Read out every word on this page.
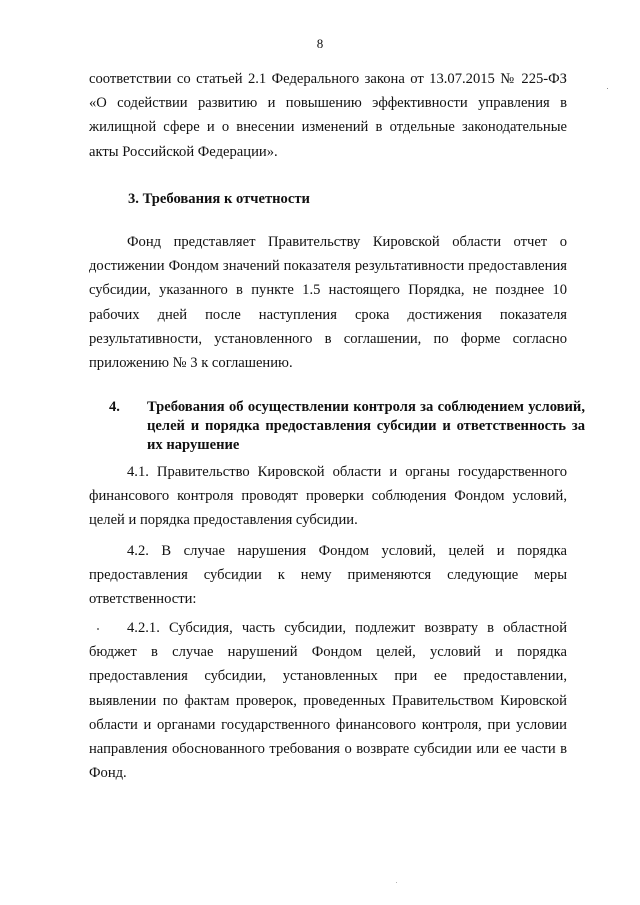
8
соответствии со статьей 2.1 Федерального закона от 13.07.2015 № 225-ФЗ «О содействии развитию и повышению эффективности управления в жилищной сфере и о внесении изменений в отдельные законодательные акты Российской Федерации».
3. Требования к отчетности
Фонд представляет Правительству Кировской области отчет о достижении Фондом значений показателя результативности предоставления субсидии, указанного в пункте 1.5 настоящего Порядка, не позднее 10 рабочих дней после наступления срока достижения показателя результативности, установленного в соглашении, по форме согласно приложению № 3 к соглашению.
4. Требования об осуществлении контроля за соблюдением условий, целей и порядка предоставления субсидии и ответственность за их нарушение
4.1. Правительство Кировской области и органы государственного финансового контроля проводят проверки соблюдения Фондом условий, целей и порядка предоставления субсидии.
4.2. В случае нарушения Фондом условий, целей и порядка предоставления субсидии к нему применяются следующие меры ответственности:
4.2.1. Субсидия, часть субсидии, подлежит возврату в областной бюджет в случае нарушений Фондом целей, условий и порядка предоставления субсидии, установленных при ее предоставлении, выявлении по фактам проверок, проведенных Правительством Кировской области и органами государственного финансового контроля, при условии направления обоснованного требования о возврате субсидии или ее части в Фонд.
